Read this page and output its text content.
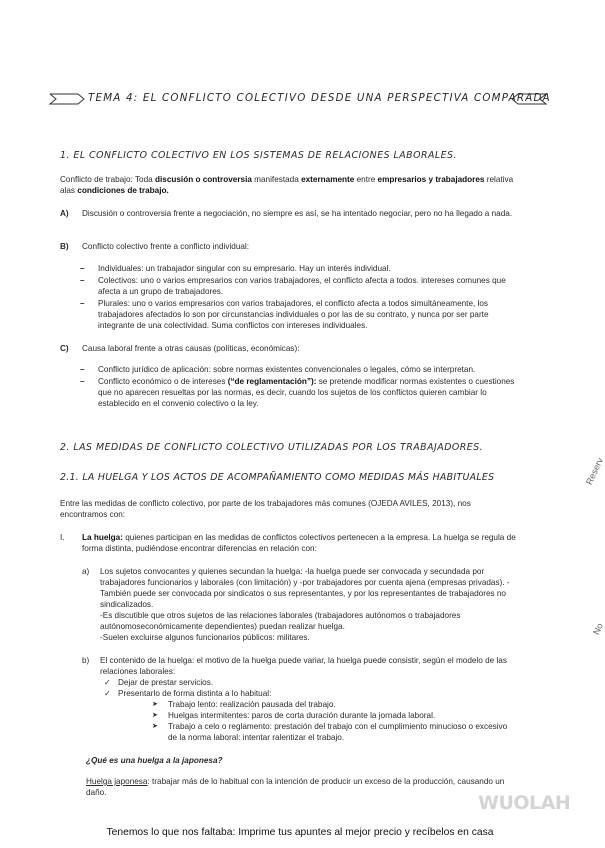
TEMA 4: EL CONFLICTO COLECTIVO DESDE UNA PERSPECTIVA COMPARADA
1. EL CONFLICTO COLECTIVO EN LOS SISTEMAS DE RELACIONES LABORALES.
Conflicto de trabajo: Toda discusión o controversia manifestada externamente entre empresarios y trabajadores relativa alas condiciones de trabajo.
A) Discusión o controversia frente a negociación, no siempre es así, se ha intentado negociar, pero no ha llegado a nada.
B) Conflicto colectivo frente a conflicto individual:
– Individuales: un trabajador singular con su empresario. Hay un interés individual.
– Colectivos: uno o varios empresarios con varios trabajadores, el conflicto afecta a todos. intereses comunes que afecta a un grupo de trabajadores.
– Plurales: uno o varios empresarios con varios trabajadores, el conflicto afecta a todos simultáneamente, los trabajadores afectados lo son por circunstancias individuales o por las de su contrato, y nunca por ser parte integrante de una colectividad. Suma conflictos con intereses individuales.
C) Causa laboral frente a otras causas (políticas, económicas):
– Conflicto jurídico de aplicación: sobre normas existentes convencionales o legales, cómo se interpretan.
– Conflicto económico o de intereses (“de reglamentación”): se pretende modificar normas existentes o cuestiones que no aparecen resueltas por las normas, es decir, cuando los sujetos de los conflictos quieren cambiar lo establecido en el convenio colectivo o la ley.
2. LAS MEDIDAS DE CONFLICTO COLECTIVO UTILIZADAS POR LOS TRABAJADORES.
2.1. LA HUELGA Y LOS ACTOS DE ACOMPAÑAMIENTO COMO MEDIDAS MÁS HABITUALES
Entre las medidas de conflicto colectivo, por parte de los trabajadores más comunes (OJEDA AVILES, 2013), nos encontramos con:
I. La huelga: quienes participan en las medidas de conflictos colectivos pertenecen a la empresa. La huelga se regula de forma distinta, pudiéndose encontrar diferencias en relación con:
a) Los sujetos convocantes y quienes secundan la huelga: -la huelga puede ser convocada y secundada por trabajadores funcionarios y laborales (con limitación) y -por trabajadores por cuenta ajena (empresas privadas). -También puede ser convocada por sindicatos o sus representantes, y por los representantes de trabajadores no sindicalizados.
-Es discutible que otros sujetos de las relaciones laborales (trabajadores autónomos o trabajadores autónomoseconómicamente dependientes) puedan realizar huelga.
-Suelen excluirse algunos funcionarios públicos: militares.
b) El contenido de la huelga: el motivo de la huelga puede variar, la huelga puede consistir, según el modelo de las relaciones laborales:
✓ Dejar de prestar servicios.
✓ Presentarlo de forma distinta a lo habitual:
➤ Trabajo lento: realización pausada del trabajo.
➤ Huelgas intermitentes: paros de corta duración durante la jornada laboral.
➤ Trabajo a celo o reglamento: prestación del trabajo con el cumplimiento minucioso o excesivo de la norma laboral: intentar ralentizar el trabajo.
¿Qué es una huelga a la japonesa?
Huelga japonesa: trabajar más de lo habitual con la intención de producir un exceso de la producción, causando un daño.
Reserv
No
WUOLAH
Tenemos lo que nos faltaba: Imprime tus apuntes al mejor precio y recíbelos en casa
